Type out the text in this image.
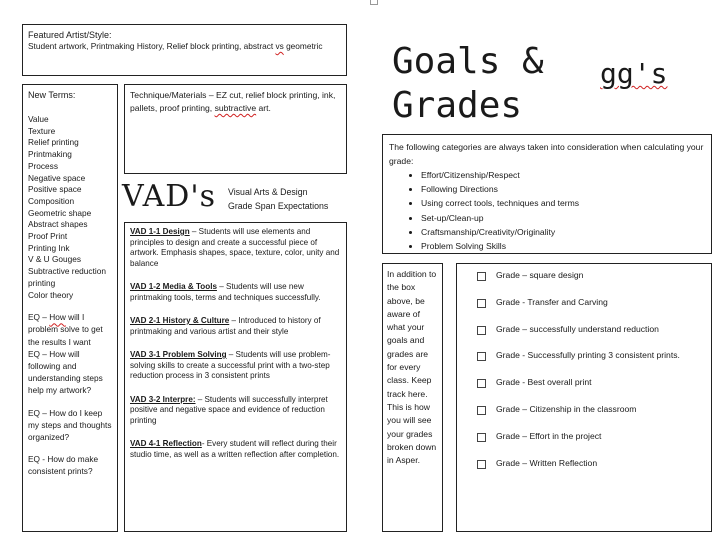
Featured Artist/Style:
Student artwork, Printmaking History, Relief block printing, abstract vs geometric
New Terms:
Value
Texture
Relief printing
Printmaking
Process
Negative space
Positive space
Composition
Geometric shape
Abstract shapes
Proof Print
Printing Ink
V & U Gouges
Subtractive reduction printing
Color theory
EQ – How will I problem solve to get the results I want
EQ – How will following and understanding steps help my artwork?
EQ – How do I keep my steps and thoughts organized?
EQ - How do make consistent prints?
Technique/Materials – EZ cut, relief block printing, ink, pallets, proof printing, subtractive art.
VAD's Visual Arts & Design
Grade Span Expectations
VAD 1-1 Design – Students will use elements and principles to design and create a successful piece of artwork. Emphasis shapes, space, texture, color, unity and balance
VAD 1-2 Media & Tools – Students will use new printmaking tools, terms and techniques successfully.
VAD 2-1 History & Culture – Introduced to history of printmaking and various artist and their style
VAD 3-1 Problem Solving – Students will use problem-solving skills to create a successful print with a two-step reduction process in 3 consistent prints
VAD 3-2 Interpre: – Students will successfully interpret positive and negative space and evidence of reduction printing
VAD 4-1 Reflection- Every student will reflect during their studio time, as well as a written reflection after completion.
Goals &
Grades
gg's
The following categories are always taken into consideration when calculating your grade:
• Effort/Citizenship/Respect
• Following Directions
• Using correct tools, techniques and terms
• Set-up/Clean-up
• Craftsmanship/Creativity/Originality
• Problem Solving Skills
In addition to the box above, be aware of what your goals and grades are for every class. Keep track here. This is how you will see your grades broken down in Asper.
Grade – square design
Grade - Transfer and Carving
Grade – successfully understand reduction
Grade - Successfully printing 3 consistent prints.
Grade - Best overall print
Grade – Citizenship in the classroom
Grade – Effort in the project
Grade – Written Reflection
